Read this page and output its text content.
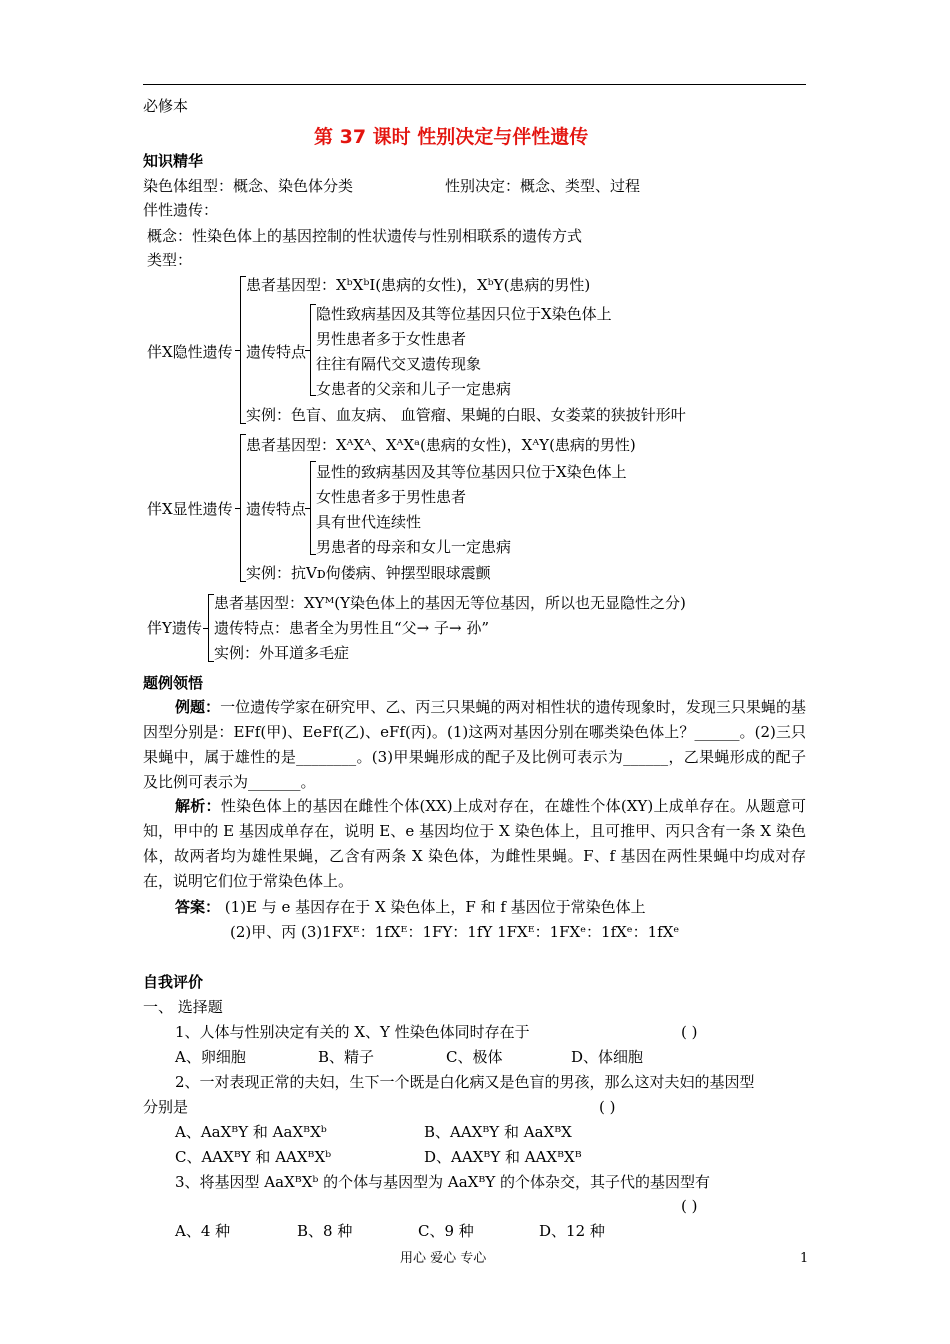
必修本
第 37 课时 性别决定与伴性遗传
知识精华
染色体组型：概念、染色体分类	性别决定：概念、类型、过程
伴性遗传：
概念：性染色体上的基因控制的性状遗传与性别相联系的遗传方式
类型：
伴X隐性遗传
患者基因型：XᵇXᵇI(患病的女性)，XᵇY(患病的男性)
遗传特点
隐性致病基因及其等位基因只位于X染色体上
男性患者多于女性患者
往往有隔代交叉遗传现象
女患者的父亲和儿子一定患病
实例：色盲、血友病、 血管瘤、果蝇的白眼、女娄菜的狭披针形叶
伴X显性遗传
患者基因型：XᴬXᴬ、XᴬXᵃ(患病的女性)，XᴬY(患病的男性)
遗传特点
显性的致病基因及其等位基因只位于X染色体上
女性患者多于男性患者
具有世代连续性
男患者的母亲和女儿一定患病
实例：抗Vᴅ佝偻病、钟摆型眼球震颤
伴Y遗传
患者基因型：XYᴹ(Y染色体上的基因无等位基因，所以也无显隐性之分)
遗传特点：患者全为男性且“父→ 子→ 孙”
实例：外耳道多毛症
题例领悟
例题：一位遗传学家在研究甲、乙、丙三只果蝇的两对相性状的遗传现象时，发现三只果蝇的基因型分别是：EFf(甲)、EeFf(乙)、eFf(丙)。(1)这两对基因分别在哪类染色体上？______。(2)三只果蝇中，属于雄性的是________。(3)甲果蝇形成的配子及比例可表示为______，乙果蝇形成的配子及比例可表示为_______。
解析：性染色体上的基因在雌性个体(XX)上成对存在，在雄性个体(XY)上成单存在。从题意可知，甲中的 E 基因成单存在，说明 E、e 基因均位于 X 染色体上，且可推甲、丙只含有一条 X 染色体，故两者均为雄性果蝇，乙含有两条 X 染色体，为雌性果蝇。F、f 基因在两性果蝇中均成对存在，说明它们位于常染色体上。
答案： (1)E 与 e 基因存在于 X 染色体上，F 和 f 基因位于常染色体上
(2)甲、丙 (3)1FXᴱ：1fXᴱ：1FY：1fY 1FXᴱ：1FXᵉ：1fXᵉ：1fXᵉ
自我评价
一、 选择题
1、人体与性别决定有关的 X、Y 性染色体同时存在于	( )
A、卵细胞	B、精子	C、极体	D、体细胞
2、一对表现正常的夫妇，生下一个既是白化病又是色盲的男孩，那么这对夫妇的基因型
分别是	( )
A、AaXᴮY 和 AaXᴮXᵇ	B、AAXᴮY 和 AaXᴮX
C、AAXᴮY 和 AAXᴮXᵇ	D、AAXᴮY 和 AAXᴮXᴮ
3、将基因型 AaXᴮXᵇ 的个体与基因型为 AaXᴮY 的个体杂交，其子代的基因型有
( )
A、4 种	B、8 种	C、9 种	D、12 种
用心 爱心 专心	1
